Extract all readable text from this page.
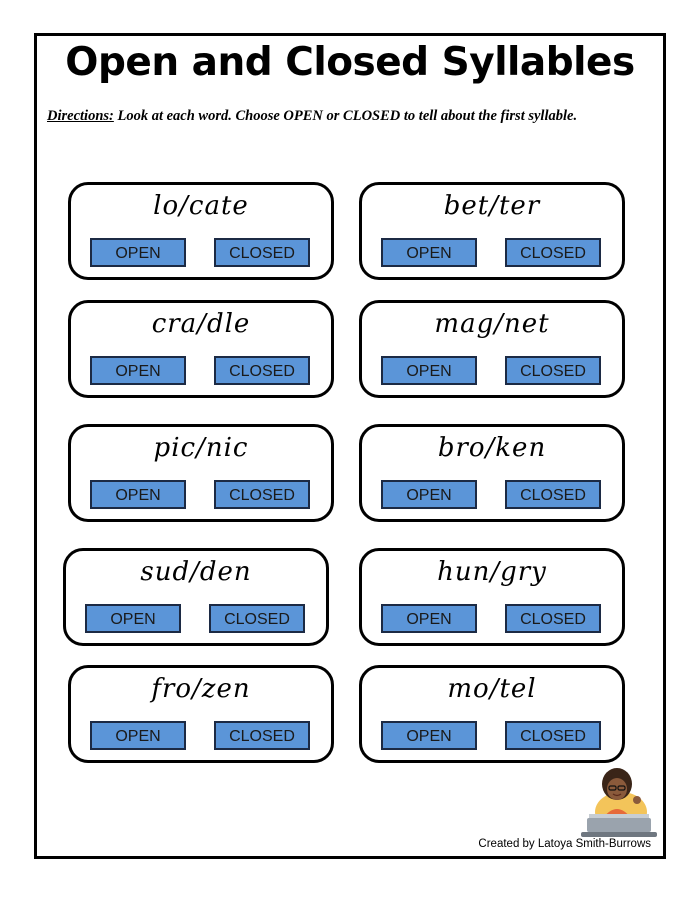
Open and Closed Syllables
Directions: Look at each word. Choose OPEN or CLOSED to tell about the first syllable.
lo/cate
OPEN	CLOSED
bet/ter
OPEN	CLOSED
cra/dle
OPEN	CLOSED
mag/net
OPEN	CLOSED
pic/nic
OPEN	CLOSED
bro/ken
OPEN	CLOSED
sud/den
OPEN	CLOSED
hun/gry
OPEN	CLOSED
fro/zen
OPEN	CLOSED
mo/tel
OPEN	CLOSED
Created by Latoya Smith-Burrows
